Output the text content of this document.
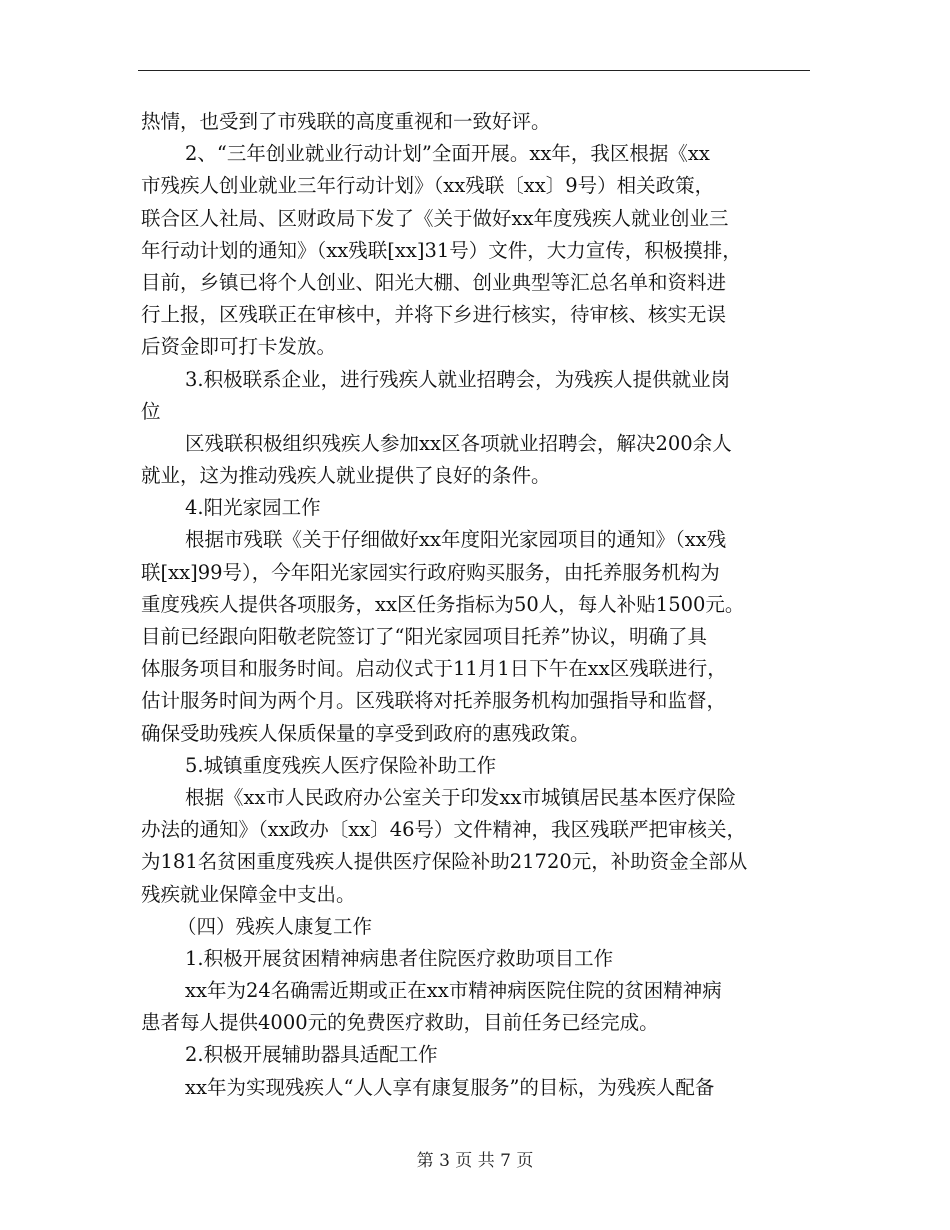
热情，也受到了市残联的高度重视和一致好评。
2、“三年创业就业行动计划”全面开展。xx年，我区根据《xx
市残疾人创业就业三年行动计划》（xx残联〔xx〕9号）相关政策，
联合区人社局、区财政局下发了《关于做好xx年度残疾人就业创业三
年行动计划的通知》（xx残联[xx]31号）文件，大力宣传，积极摸排，
目前，乡镇已将个人创业、阳光大棚、创业典型等汇总名单和资料进
行上报，区残联正在审核中，并将下乡进行核实，待审核、核实无误
后资金即可打卡发放。
3.积极联系企业，进行残疾人就业招聘会，为残疾人提供就业岗
位
区残联积极组织残疾人参加xx区各项就业招聘会，解决200余人
就业，这为推动残疾人就业提供了良好的条件。
4.阳光家园工作
根据市残联《关于仔细做好xx年度阳光家园项目的通知》（xx残
联[xx]99号），今年阳光家园实行政府购买服务，由托养服务机构为
重度残疾人提供各项服务，xx区任务指标为50人，每人补贴1500元。
目前已经跟向阳敬老院签订了“阳光家园项目托养”协议，明确了具
体服务项目和服务时间。启动仪式于11月1日下午在xx区残联进行，
估计服务时间为两个月。区残联将对托养服务机构加强指导和监督，
确保受助残疾人保质保量的享受到政府的惠残政策。
5.城镇重度残疾人医疗保险补助工作
根据《xx市人民政府办公室关于印发xx市城镇居民基本医疗保险
办法的通知》（xx政办〔xx〕46号）文件精神，我区残联严把审核关，
为181名贫困重度残疾人提供医疗保险补助21720元，补助资金全部从
残疾就业保障金中支出。
（四）残疾人康复工作
1.积极开展贫困精神病患者住院医疗救助项目工作
xx年为24名确需近期或正在xx市精神病医院住院的贫困精神病
患者每人提供4000元的免费医疗救助，目前任务已经完成。
2.积极开展辅助器具适配工作
xx年为实现残疾人“人人享有康复服务”的目标，为残疾人配备
第 3 页 共 7 页
